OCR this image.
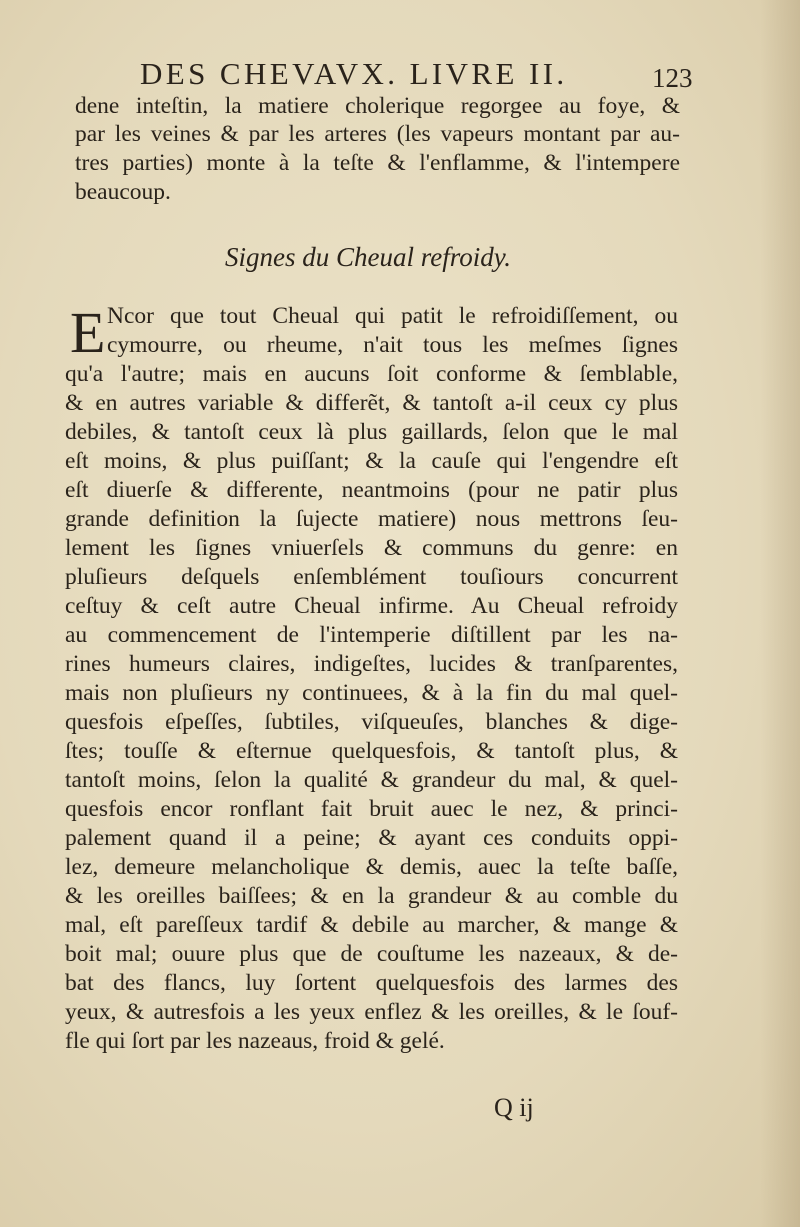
DES CHEVAVX. LIVRE II.	123
dene inteſtin, la matiere cholerique regorgee au foye, &
par les veines & par les arteres (les vapeurs montant par au-
tres parties) monte à la teſte & l'enflamme, & l'intempere
beaucoup.
Signes du Cheual refroidy.
E Ncor que tout Cheual qui patit le refroidiſſement, ou
cymourre, ou rheume, n'ait tous les meſmes ſignes
qu'a l'autre; mais en aucuns ſoit conforme & ſemblable,
& en autres variable & differẽt, & tantoſt a-il ceux cy plus
debiles, & tantoſt ceux là plus gaillards, ſelon que le mal
eſt moins, & plus puiſſant; & la cauſe qui l'engendre eſt
eſt diuerſe & differente, neantmoins (pour ne patir plus
grande definition la ſujecte matiere) nous mettrons ſeu-
lement les ſignes vniuerſels & communs du genre: en
pluſieurs deſquels enſemblément touſiours concurrent
ceſtuy & ceſt autre Cheual infirme. Au Cheual refroidy
au commencement de l'intemperie diſtillent par les na-
rines humeurs claires, indigeſtes, lucides & tranſparentes,
mais non pluſieurs ny continuees, & à la fin du mal quel-
quesfois eſpeſſes, ſubtiles, viſqueuſes, blanches & dige-
ſtes; touſſe & eſternue quelquesfois, & tantoſt plus, &
tantoſt moins, ſelon la qualité & grandeur du mal, & quel-
quesfois encor ronflant fait bruit auec le nez, & princi-
palement quand il a peine; & ayant ces conduits oppi-
lez, demeure melancholique & demis, auec la teſte baſſe,
& les oreilles baiſſees; & en la grandeur & au comble du
mal, eſt pareſſeux tardif & debile au marcher, & mange &
boit mal; ouure plus que de couſtume les nazeaux, & de-
bat des flancs, luy ſortent quelquesfois des larmes des
yeux, & autresfois a les yeux enflez & les oreilles, & le ſouf-
fle qui ſort par les nazeaus, froid & gelé.
Q ij
